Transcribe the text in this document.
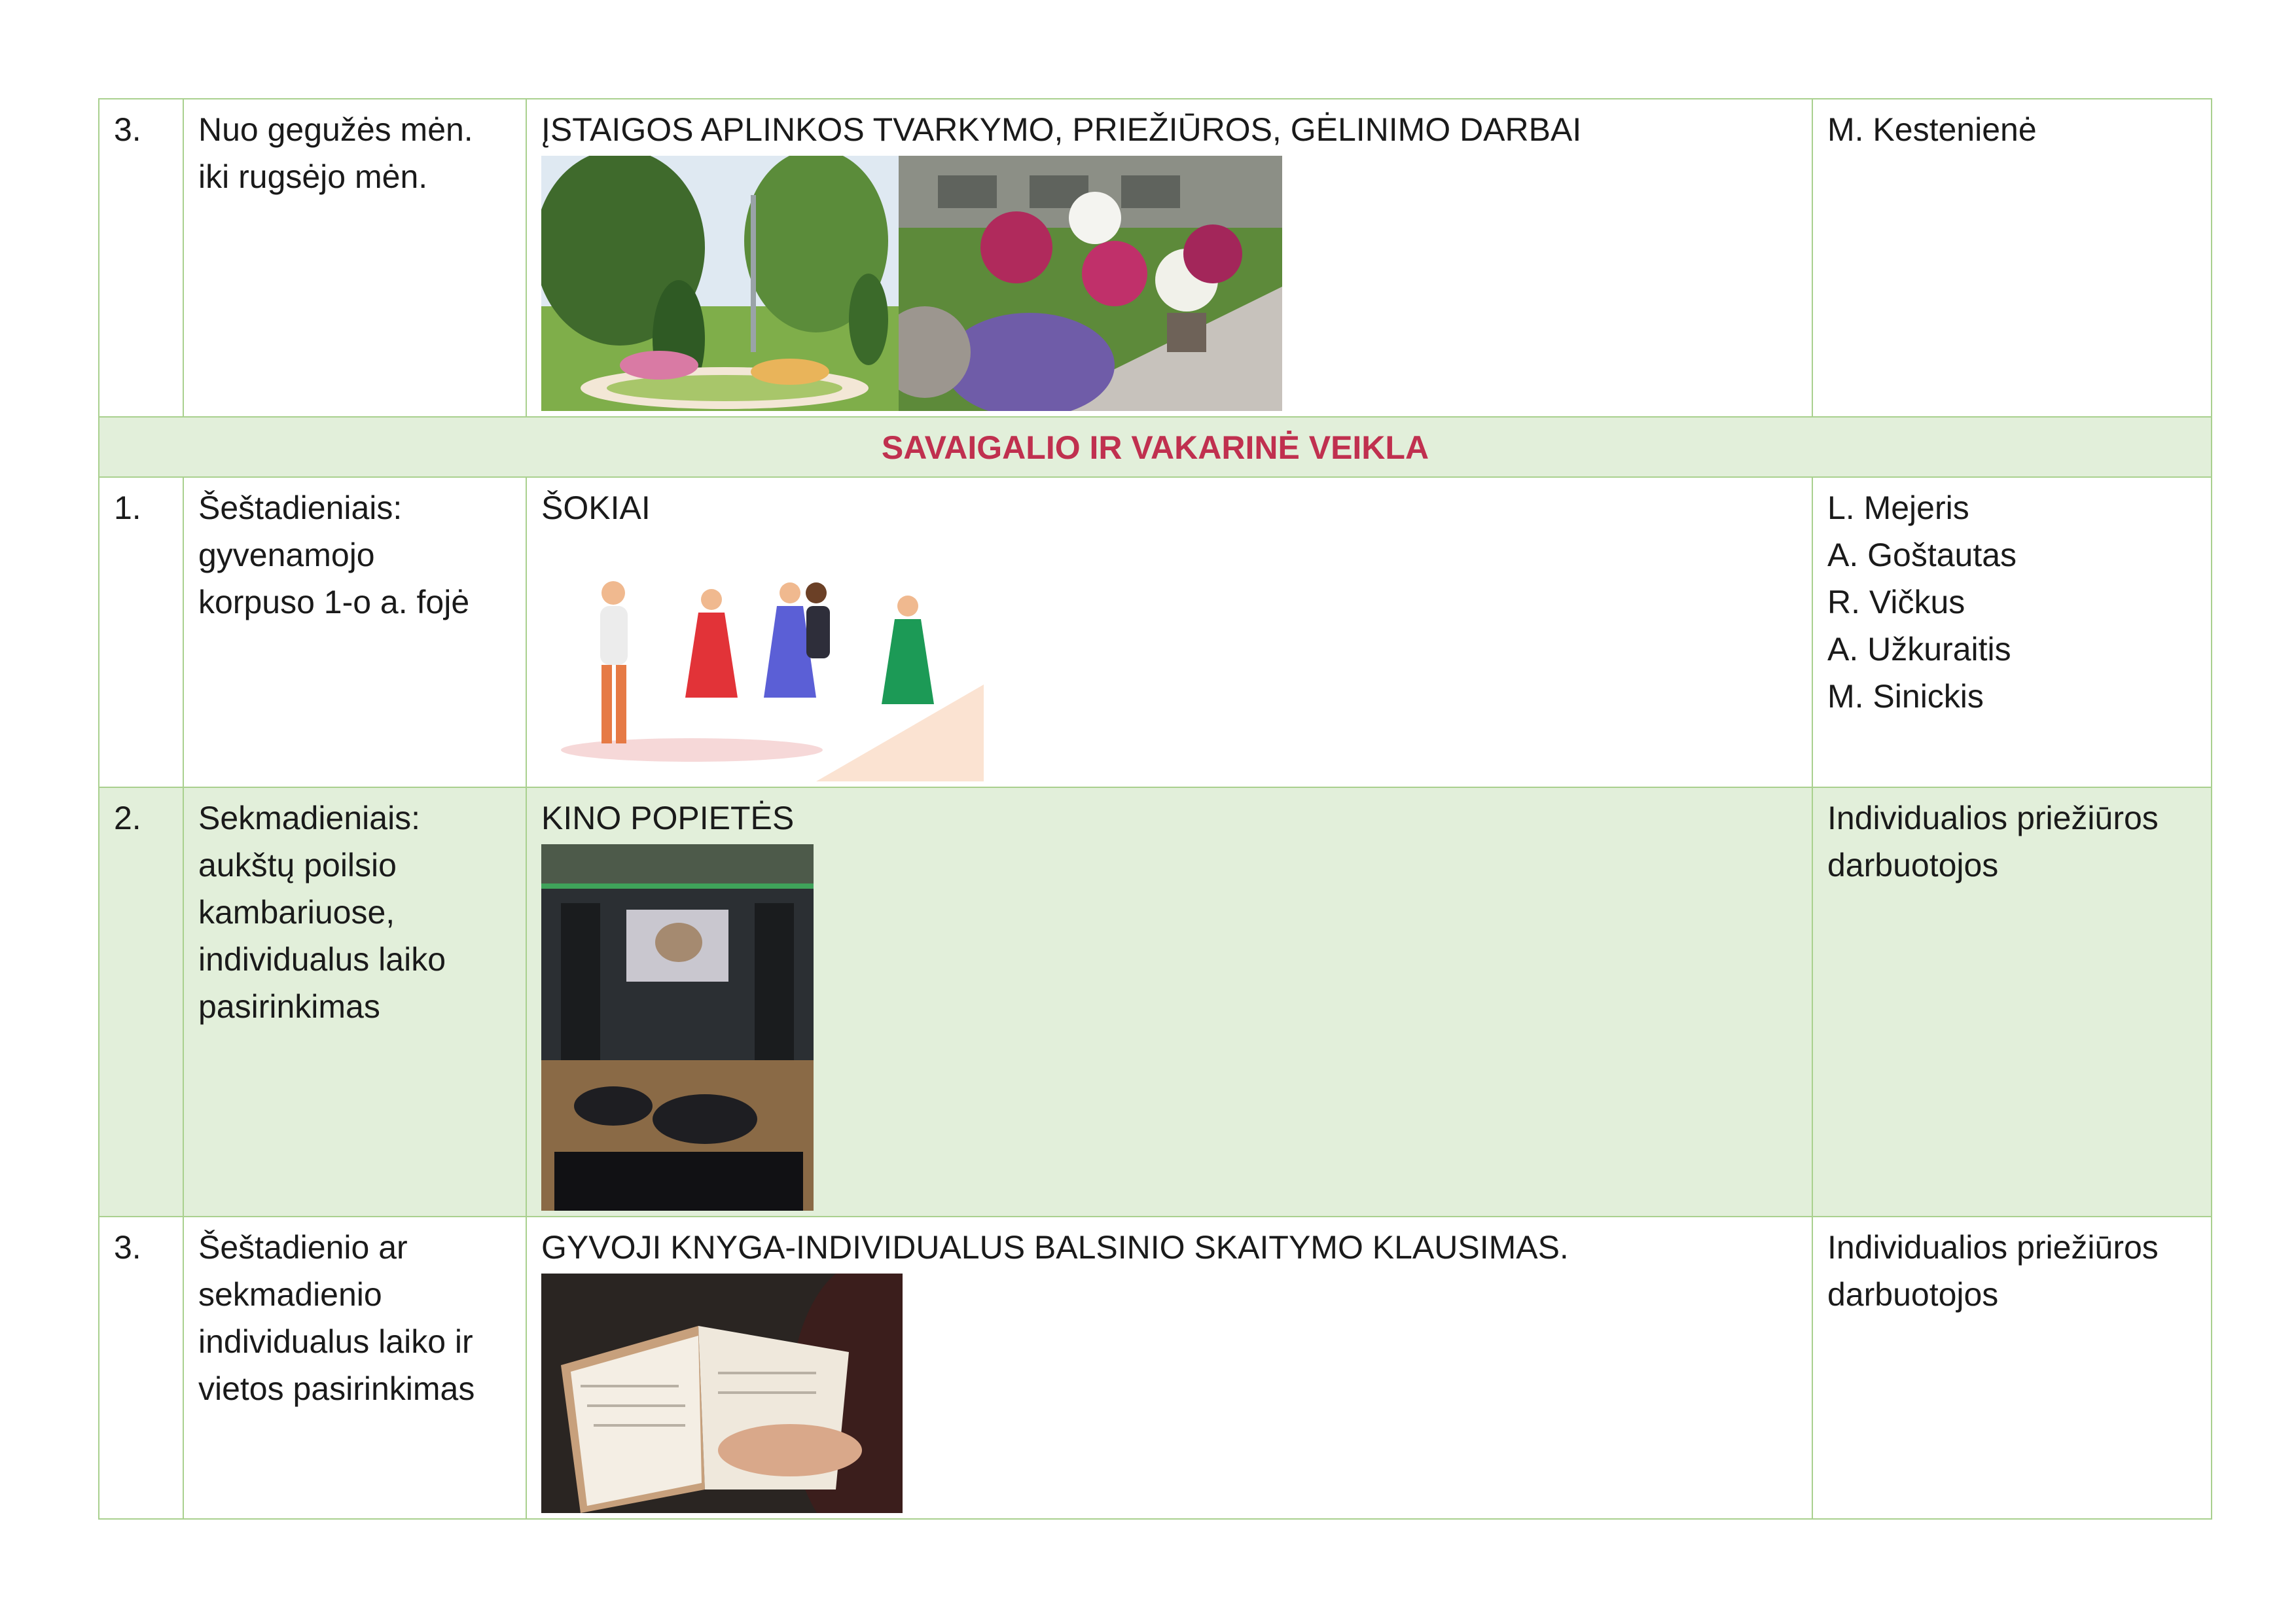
3.	Nuo gegužės mėn.
iki rugsėjo mėn.	ĮSTAIGOS APLINKOS TVARKYMO, PRIEŽIŪROS, GĖLINIMO DARBAI	M. Kestenienė
SAVAIGALIO IR VAKARINĖ VEIKLA			
1.	Šeštadieniais:
gyvenamojo
korpuso 1-o a. fojė	ŠOKIAI	L. Mejeris
A. Goštautas
R. Vičkus
A. Užkuraitis
M. Sinickis
2.	Sekmadieniais:
aukštų poilsio
kambariuose,
individualus laiko
pasirinkimas	KINO POPIETĖS	Individualios priežiūros
darbuotojos
3.	Šeštadienio ar
sekmadienio
individualus laiko ir
vietos pasirinkimas	GYVOJI KNYGA-INDIVIDUALUS BALSINIO SKAITYMO KLAUSIMAS.	Individualios priežiūros
darbuotojos
